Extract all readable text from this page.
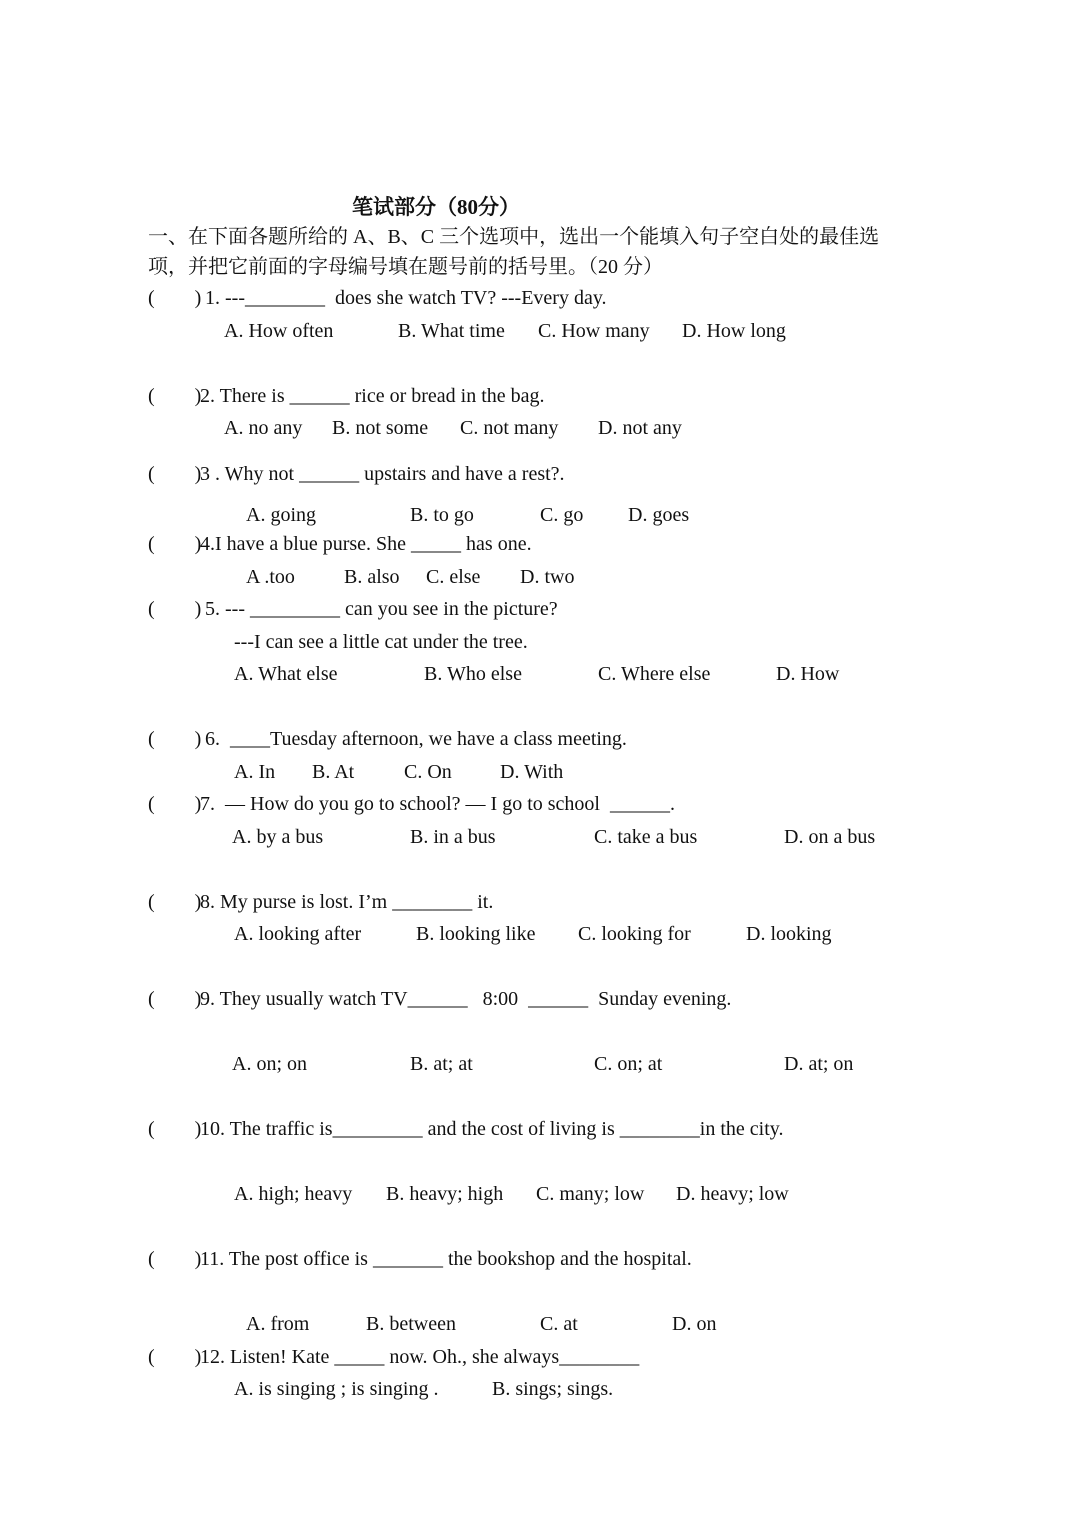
笔试部分（80分）
一、在下面各题所给的 A、B、C 三个选项中，选出一个能填入句子空白处的最佳选
项，并把它前面的字母编号填在题号前的括号里。（20 分）
(        )
1. ---________  does she watch TV? ---Every day.
A. How often	B. What time C. How many D. How long
(        )
2. There is ______ rice or bread in the bag.
A. no any B. not some C. not many D. not any
(        )
3 . Why not ______ upstairs and have a rest?.
A. going	B. to go	C. go D. goes
(        )
4.I have a blue purse. She _____ has one.
A .too B. also C. else D. two
(        )
5. --- _________ can you see in the picture?
---I can see a little cat under the tree.
A. What else	B. Who else	C. Where else	D. How
(        )
6.  ____Tuesday afternoon, we have a class meeting.
A. In B. At C. On D. With
(        )
7.  — How do you go to school? — I go to school  ______.
A. by a bus	B. in a bus	C. take a bus	D. on a bus
(        )
8. My purse is lost. I’m ________ it.
A. looking after	B. looking like C. looking for	D. looking
(        )
9. They usually watch TV______   8:00  ______  Sunday evening.
A. on; on	B. at; at	C. on; at	D. at; on
(        )
10. The traffic is_________ and the cost of living is ________in the city.
A. high; heavy B. heavy; high C. many; low D. heavy; low
(        )
11. The post office is _______ the bookshop and the hospital.
A. from	B. between	C. at	D. on
(        )
12. Listen! Kate _____ now. Oh., she always________
A. is singing ; is singing .	B. sings; sings.
